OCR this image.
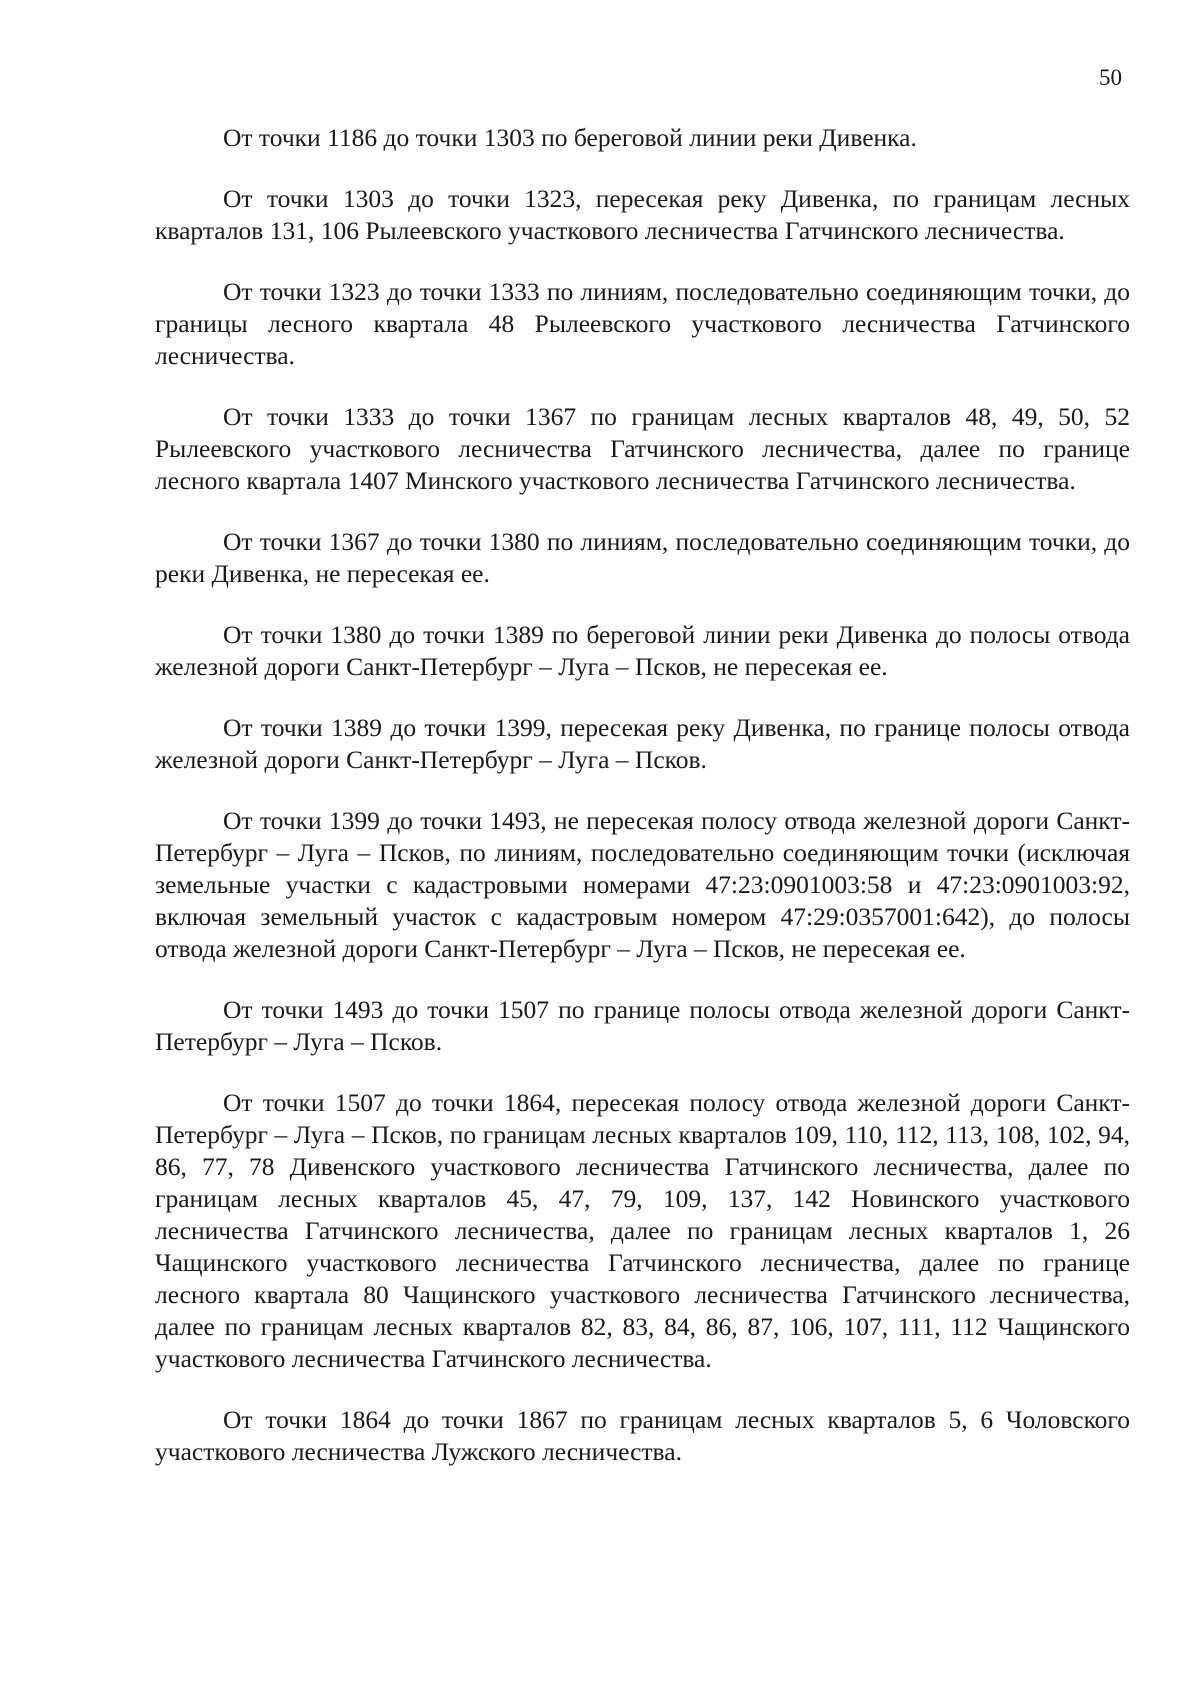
50

От точки 1186 до точки 1303 по береговой линии реки Дивенка.

От точки 1303 до точки 1323, пересекая реку Дивенка, по границам лесных кварталов 131, 106 Рылеевского участкового лесничества Гатчинского лесничества.

От точки 1323 до точки 1333 по линиям, последовательно соединяющим точки, до границы лесного квартала 48 Рылеевского участкового лесничества Гатчинского лесничества.

От точки 1333 до точки 1367 по границам лесных кварталов 48, 49, 50, 52 Рылеевского участкового лесничества Гатчинского лесничества, далее по границе лесного квартала 1407 Минского участкового лесничества Гатчинского лесничества.

От точки 1367 до точки 1380 по линиям, последовательно соединяющим точки, до реки Дивенка, не пересекая ее.

От точки 1380 до точки 1389 по береговой линии реки Дивенка до полосы отвода железной дороги Санкт-Петербург – Луга – Псков, не пересекая ее.

От точки 1389 до точки 1399, пересекая реку Дивенка, по границе полосы отвода железной дороги Санкт-Петербург – Луга – Псков.

От точки 1399 до точки 1493, не пересекая полосу отвода железной дороги Санкт-Петербург – Луга – Псков, по линиям, последовательно соединяющим точки (исключая земельные участки с кадастровыми номерами 47:23:0901003:58 и 47:23:0901003:92, включая земельный участок с кадастровым номером 47:29:0357001:642), до полосы отвода железной дороги Санкт-Петербург – Луга – Псков, не пересекая ее.

От точки 1493 до точки 1507 по границе полосы отвода железной дороги Санкт-Петербург – Луга – Псков.

От точки 1507 до точки 1864, пересекая полосу отвода железной дороги Санкт-Петербург – Луга – Псков, по границам лесных кварталов 109, 110, 112, 113, 108, 102, 94, 86, 77, 78 Дивенского участкового лесничества Гатчинского лесничества, далее по границам лесных кварталов 45, 47, 79, 109, 137, 142 Новинского участкового лесничества Гатчинского лесничества, далее по границам лесных кварталов 1, 26 Чащинского участкового лесничества Гатчинского лесничества, далее по границе лесного квартала 80 Чащинского участкового лесничества Гатчинского лесничества, далее по границам лесных кварталов 82, 83, 84, 86, 87, 106, 107, 111, 112 Чащинского участкового лесничества Гатчинского лесничества.

От точки 1864 до точки 1867 по границам лесных кварталов 5, 6 Чоловского участкового лесничества Лужского лесничества.
